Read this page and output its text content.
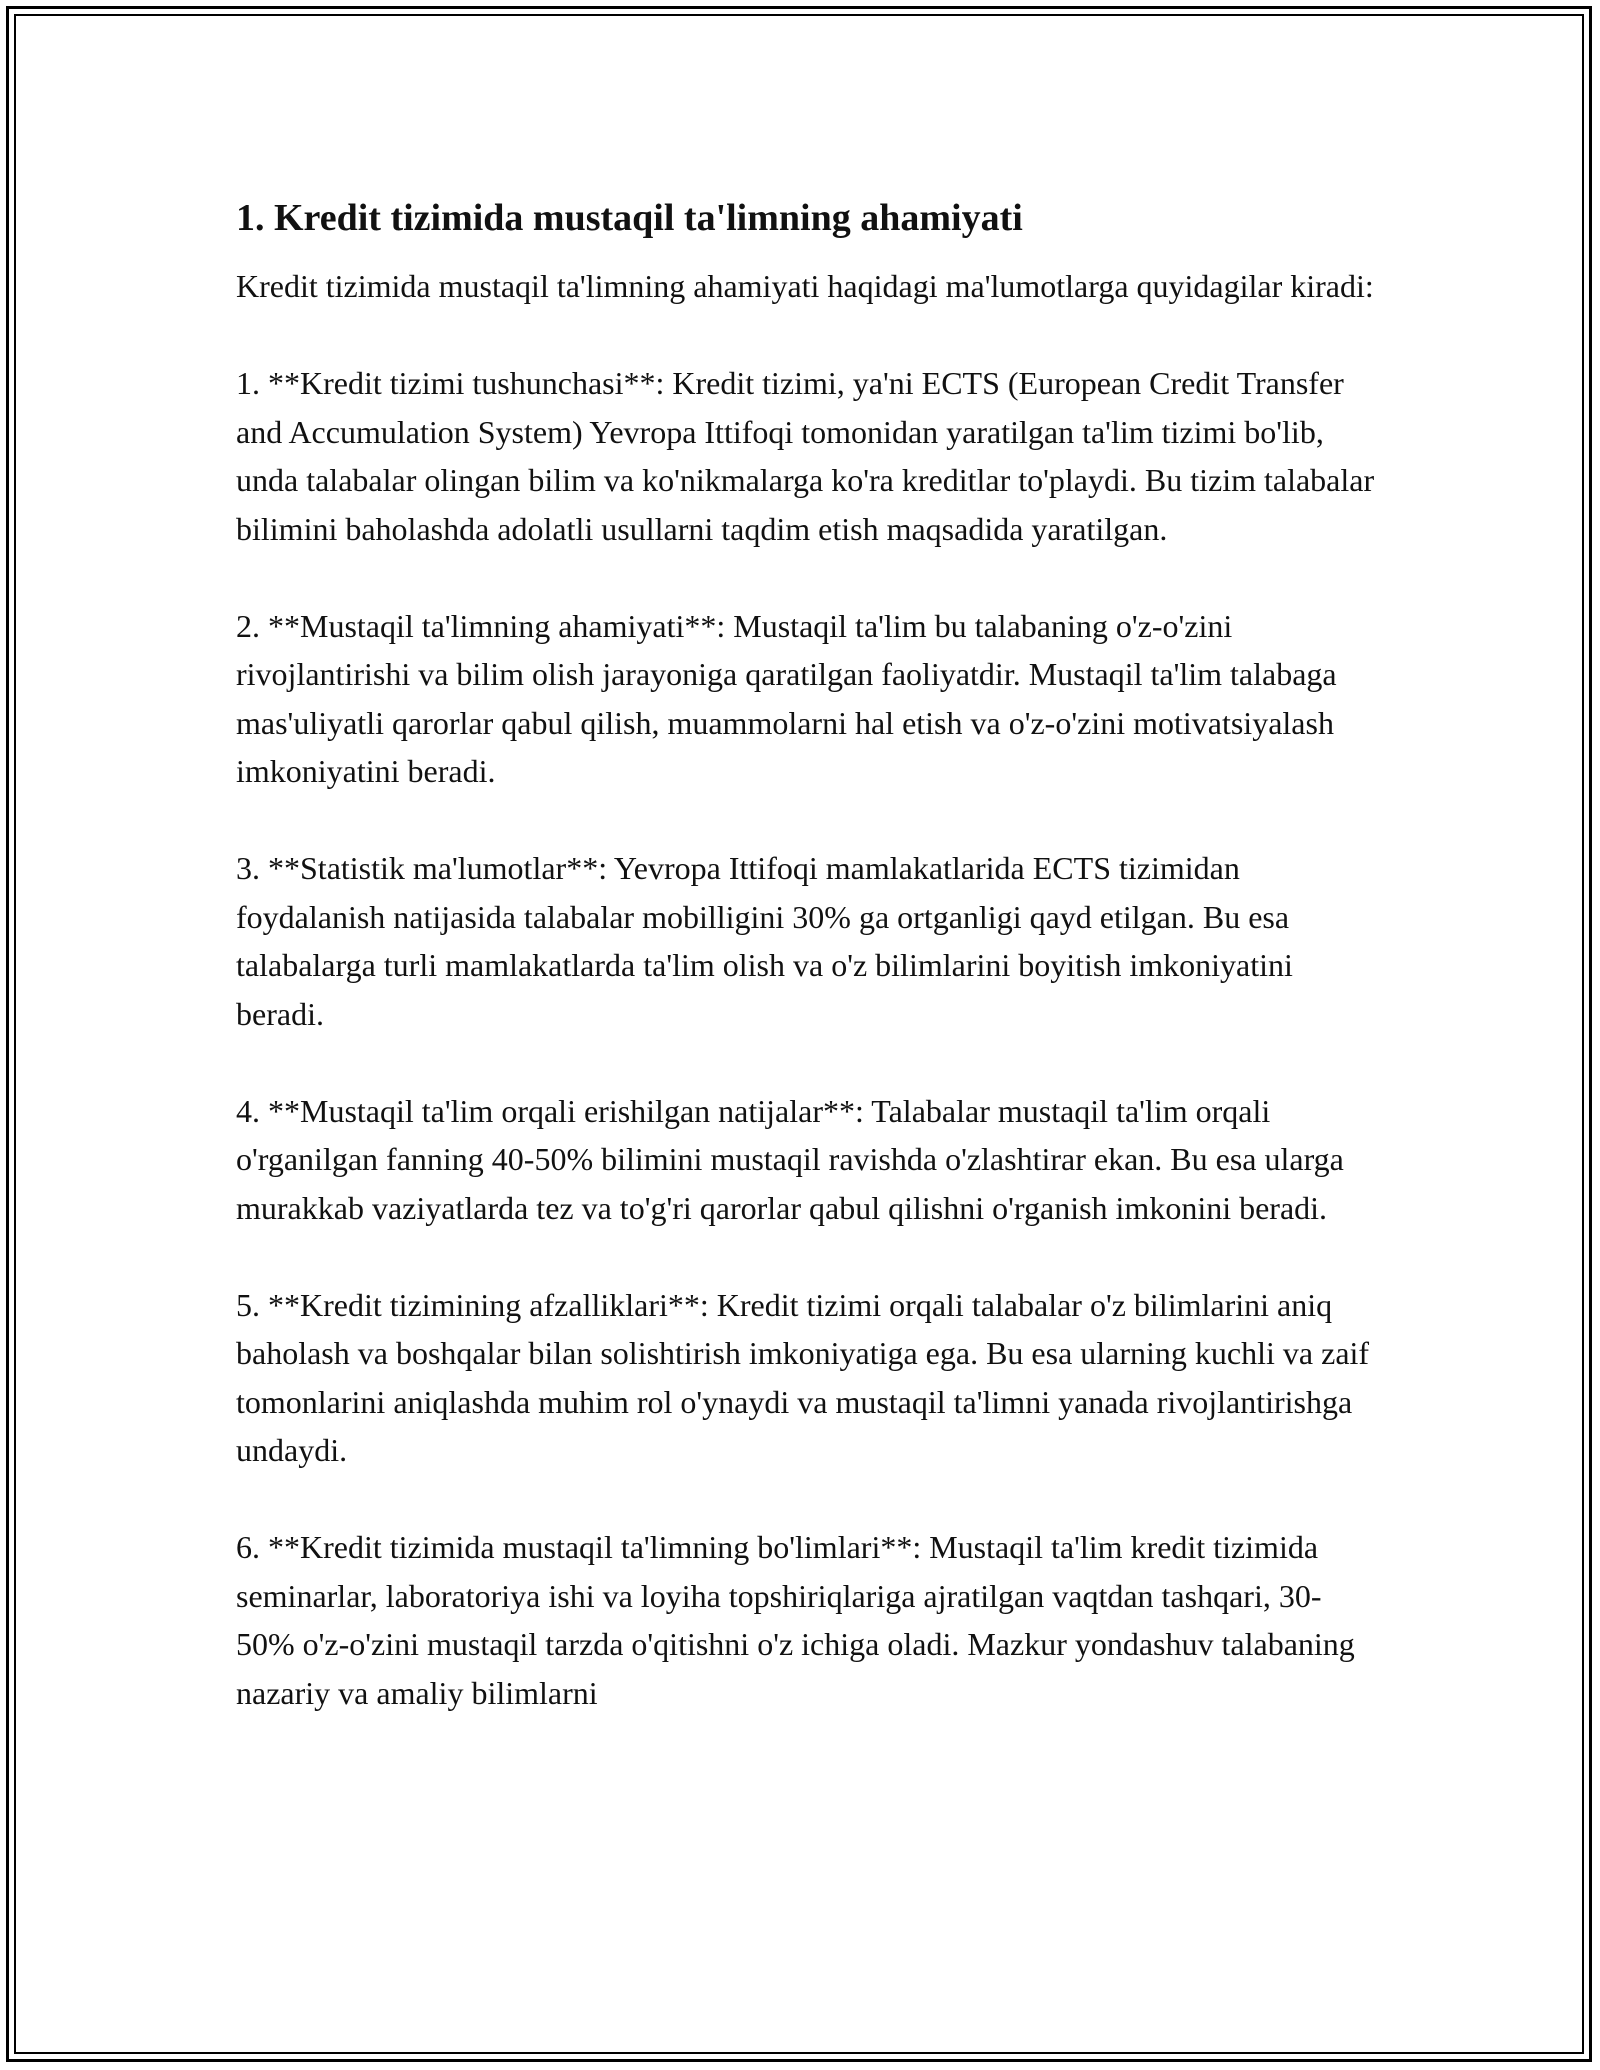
1. Kredit tizimida mustaqil ta'limning ahamiyati

Kredit tizimida mustaqil ta'limning ahamiyati haqidagi ma'lumotlarga quyidagilar kiradi:

1. **Kredit tizimi tushunchasi**: Kredit tizimi, ya'ni ECTS (European Credit Transfer and Accumulation System) Yevropa Ittifoqi tomonidan yaratilgan ta'lim tizimi bo'lib, unda talabalar olingan bilim va ko'nikmalarga ko'ra kreditlar to'playdi. Bu tizim talabalar bilimini baholashda adolatli usullarni taqdim etish maqsadida yaratilgan.

2. **Mustaqil ta'limning ahamiyati**: Mustaqil ta'lim bu talabaning o'z-o'zini rivojlantirishi va bilim olish jarayoniga qaratilgan faoliyatdir. Mustaqil ta'lim talabaga mas'uliyatli qarorlar qabul qilish, muammolarni hal etish va o'z-o'zini motivatsiyalash imkoniyatini beradi.

3. **Statistik ma'lumotlar**: Yevropa Ittifoqi mamlakatlarida ECTS tizimidan foydalanish natijasida talabalar mobilligini 30% ga ortganligi qayd etilgan. Bu esa talabalarga turli mamlakatlarda ta'lim olish va o'z bilimlarini boyitish imkoniyatini beradi.

4. **Mustaqil ta'lim orqali erishilgan natijalar**: Talabalar mustaqil ta'lim orqali o'rganilgan fanning 40-50% bilimini mustaqil ravishda o'zlashtirar ekan. Bu esa ularga murakkab vaziyatlarda tez va to'g'ri qarorlar qabul qilishni o'rganish imkonini beradi.

5. **Kredit tizimining afzalliklari**: Kredit tizimi orqali talabalar o'z bilimlarini aniq baholash va boshqalar bilan solishtirish imkoniyatiga ega. Bu esa ularning kuchli va zaif tomonlarini aniqlashda muhim rol o'ynaydi va mustaqil ta'limni yanada rivojlantirishga undaydi.

6. **Kredit tizimida mustaqil ta'limning bo'limlari**: Mustaqil ta'lim kredit tizimida seminarlar, laboratoriya ishi va loyiha topshiriqlariga ajratilgan vaqtdan tashqari, 30-50% o'z-o'zini mustaqil tarzda o'qitishni o'z ichiga oladi. Mazkur yondashuv talabaning nazariy va amaliy bilimlarni
